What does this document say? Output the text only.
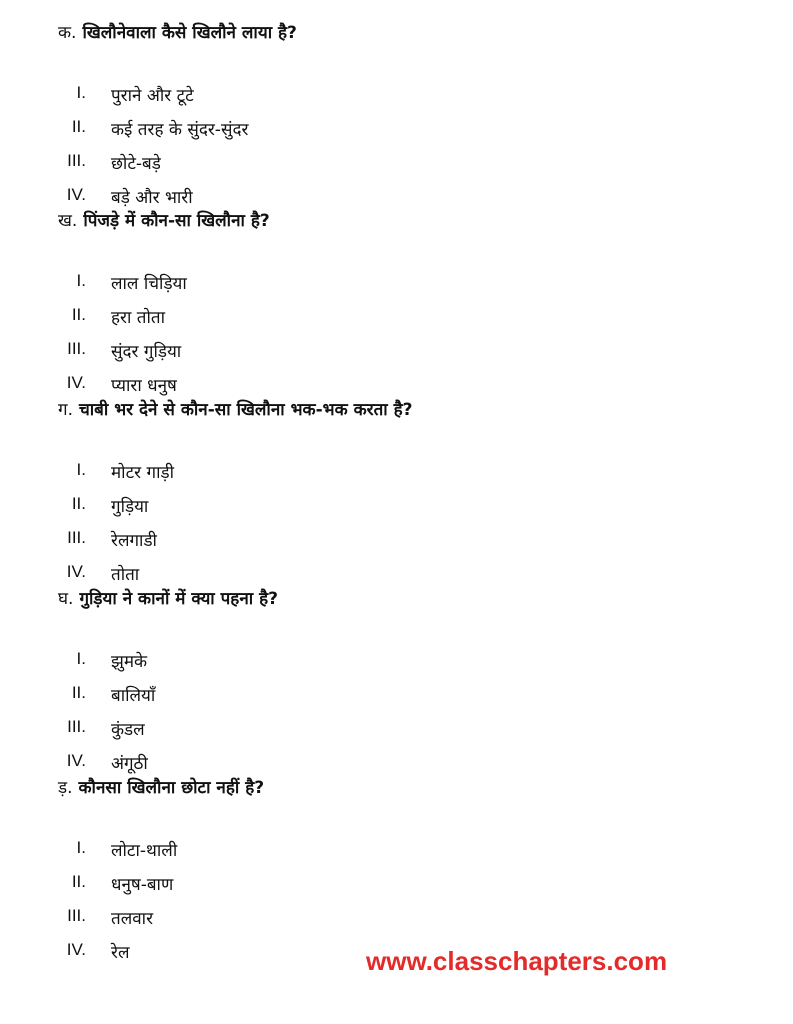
क. खिलौनेवाला कैसे खिलौने लाया है?
I. पुराने और टूटे
II. कई तरह के सुंदर-सुंदर
III. छोटे-बड़े
IV. बड़े और भारी
ख. पिंजड़े में कौन-सा खिलौना है?
I. लाल चिड़िया
II. हरा तोता
III. सुंदर गुड़िया
IV. प्यारा धनुष
ग. चाबी भर देने से कौन-सा खिलौना भक-भक करता है?
I. मोटर गाड़ी
II. गुड़िया
III. रेलगाडी
IV. तोता
घ. गुड़िया ने कानों में क्या पहना है?
I. झुमके
II. बालियाँ
III. कुंडल
IV. अंगूठी
ड़. कौनसा खिलौना छोटा नहीं है?
I. लोटा-थाली
II. धनुष-बाण
III. तलवार
IV. रेल	www.classchapters.com
